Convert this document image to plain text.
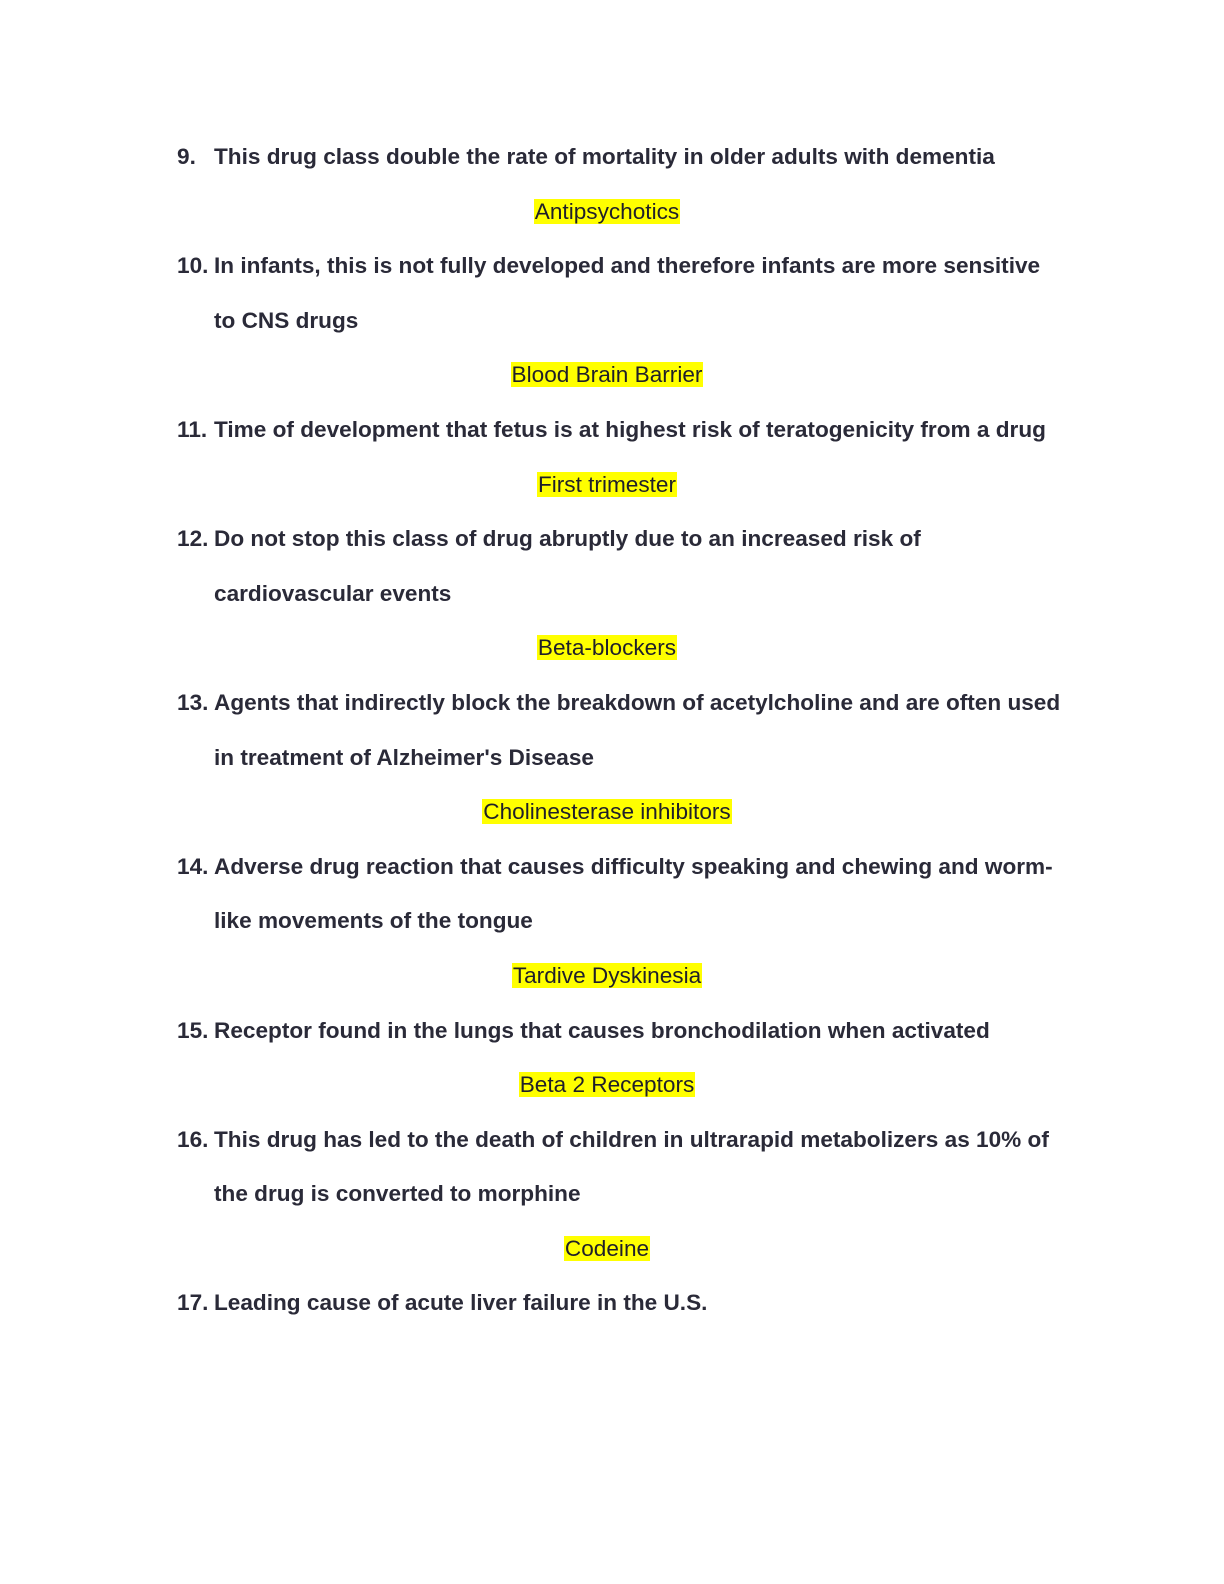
9. This drug class double the rate of mortality in older adults with dementia
Antipsychotics
10. In infants, this is not fully developed and therefore infants are more sensitive to CNS drugs
Blood Brain Barrier
11. Time of development that fetus is at highest risk of teratogenicity from a drug
First trimester
12. Do not stop this class of drug abruptly due to an increased risk of cardiovascular events
Beta-blockers
13. Agents that indirectly block the breakdown of acetylcholine and are often used in treatment of Alzheimer's Disease
Cholinesterase inhibitors
14. Adverse drug reaction that causes difficulty speaking and chewing and worm-like movements of the tongue
Tardive Dyskinesia
15. Receptor found in the lungs that causes bronchodilation when activated
Beta 2 Receptors
16. This drug has led to the death of children in ultrarapid metabolizers as 10% of the drug is converted to morphine
Codeine
17. Leading cause of acute liver failure in the U.S.
